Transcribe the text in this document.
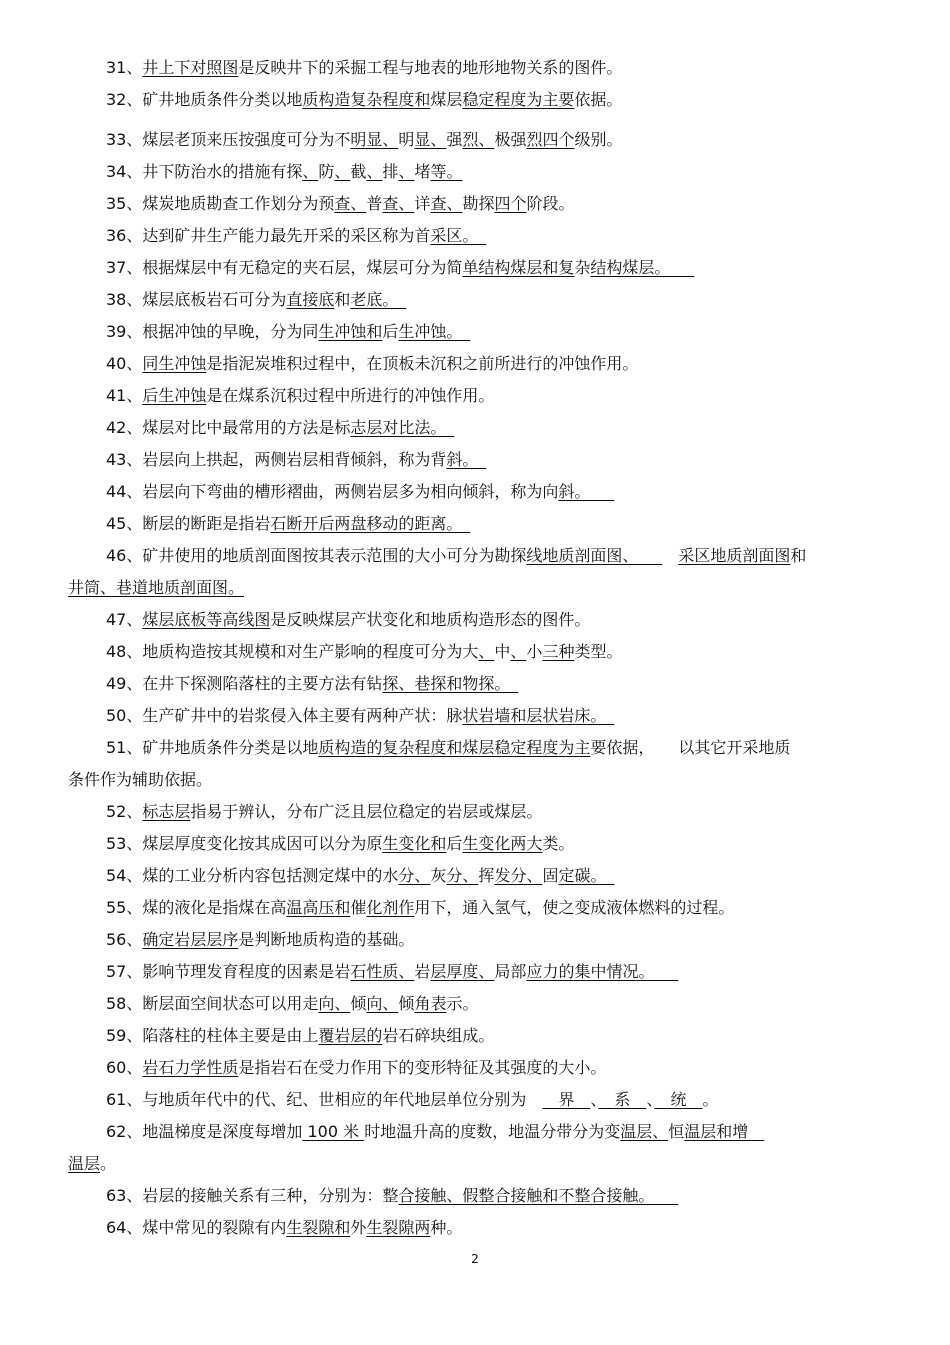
31、井上下对照图是反映井下的采掘工程与地表的地形地物关系的图件。
32、矿井地质条件分类以地质构造复杂程度和煤层稳定程度为主要依据。
33、煤层老顶来压按强度可分为不明显、明显、强烈、极强烈四个级别。
34、井下防治水的措施有探、防、截、排、堵等。
35、煤炭地质勘查工作划分为预查、普查、详查、勘探四个阶段。
36、达到矿井生产能力最先开采的采区称为首采区。　
37、根据煤层中有无稳定的夹石层，煤层可分为简单结构煤层和复杂结构煤层。　　
38、煤层底板岩石可分为直接底和老底。　
39、根据冲蚀的早晚，分为同生冲蚀和后生冲蚀。　
40、同生冲蚀是指泥炭堆积过程中，在顶板未沉积之前所进行的冲蚀作用。
41、后生冲蚀是在煤系沉积过程中所进行的冲蚀作用。
42、煤层对比中最常用的方法是标志层对比法。　
43、岩层向上拱起，两侧岩层相背倾斜，称为背斜。　
44、岩层向下弯曲的槽形褶曲，两侧岩层多为相向倾斜，称为向斜。　　
45、断层的断距是指岩石断开后两盘移动的距离。　
46、矿井使用的地质剖面图按其表示范围的大小可分为勘探线地质剖面图、　　　采区地质剖面图和
井筒、巷道地质剖面图。
47、煤层底板等高线图是反映煤层产状变化和地质构造形态的图件。
48、地质构造按其规模和对生产影响的程度可分为大、中、小三种类型。
49、在井下探测陷落柱的主要方法有钻探、巷探和物探。　
50、生产矿井中的岩浆侵入体主要有两种产状：脉状岩墙和层状岩床。　
51、矿井地质条件分类是以地质构造的复杂程度和煤层稳定程度为主要依据，　　以其它开采地质
条件作为辅助依据。
52、标志层指易于辨认，分布广泛且层位稳定的岩层或煤层。
53、煤层厚度变化按其成因可以分为原生变化和后生变化两大类。
54、煤的工业分析内容包括测定煤中的水分、灰分、挥发分、固定碳。　
55、煤的液化是指煤在高温高压和催化剂作用下，通入氢气，使之变成液体燃料的过程。
56、确定岩层层序是判断地质构造的基础。
57、影响节理发育程度的因素是岩石性质、岩层厚度、局部应力的集中情况。　　
58、断层面空间状态可以用走向、倾向、倾角表示。
59、陷落柱的柱体主要是由上覆岩层的岩石碎块组成。
60、岩石力学性质是指岩石在受力作用下的变形特征及其强度的大小。
61、与地质年代中的代、纪、世相应的年代地层单位分别为　　界　、　系　、　统　。
62、地温梯度是深度每增加 100 米 时地温升高的度数，地温分带分为变温层、恒温层和增　
温层。
63、岩层的接触关系有三种，分别为：整合接触、假整合接触和不整合接触。　　
64、煤中常见的裂隙有内生裂隙和外生裂隙两种。
2
